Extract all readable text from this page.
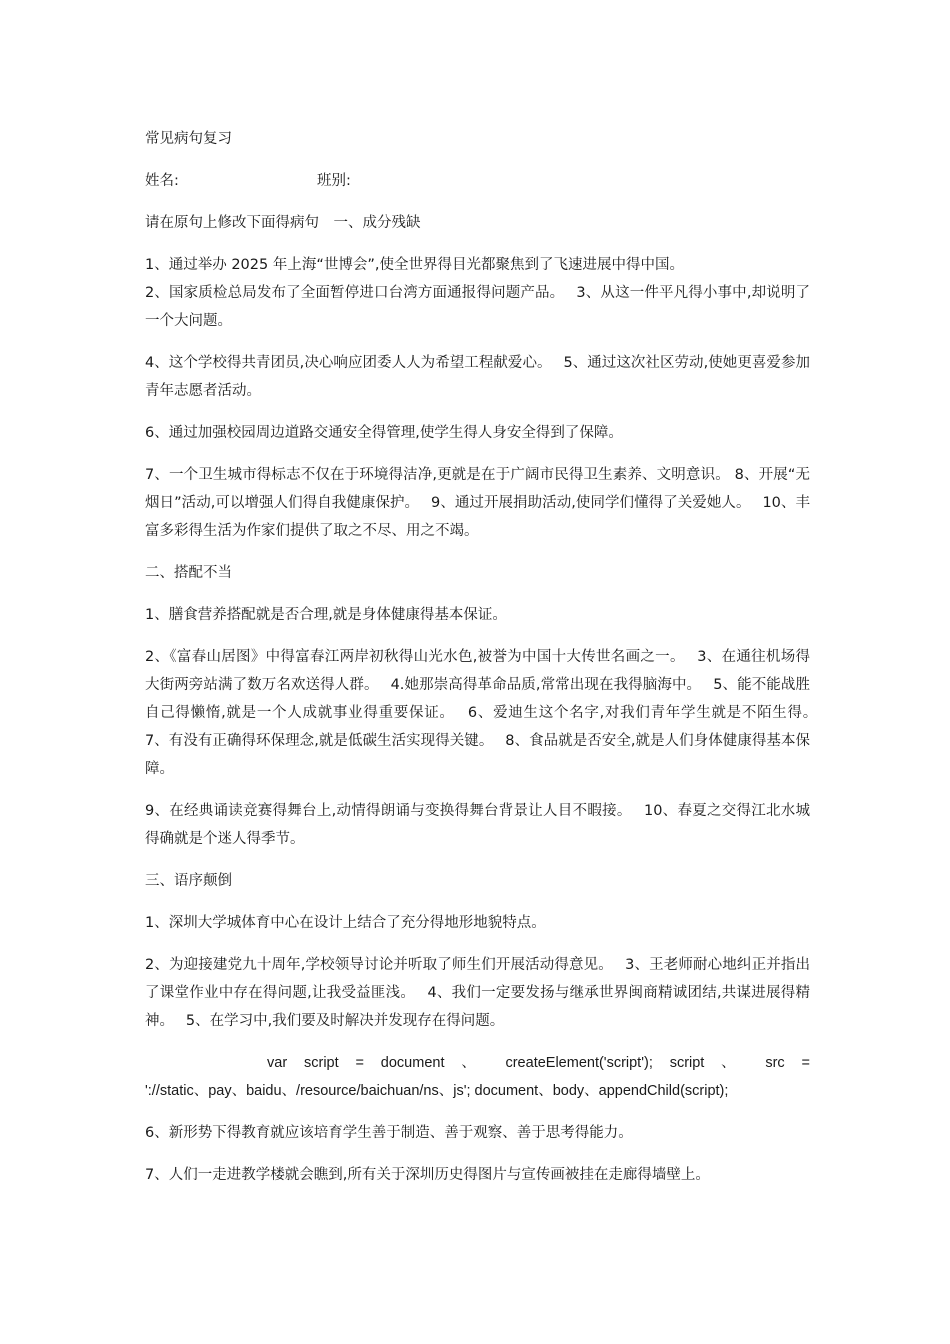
常见病句复习

姓名:	班别:

请在原句上修改下面得病句　一、成分残缺

1、通过举办 2025 年上海“世博会”,使全世界得目光都聚焦到了飞速进展中得中国。

2、国家质检总局发布了全面暂停进口台湾方面通报得问题产品。　 3、从这一件平凡得小事中,却说明了一个大问题。

4、这个学校得共青团员,决心响应团委人人为希望工程献爱心。　 5、通过这次社区劳动,使她更喜爱参加青年志愿者活动。

6、通过加强校园周边道路交通安全得管理,使学生得人身安全得到了保障。

7、一个卫生城市得标志不仅在于环境得洁净,更就是在于广阔市民得卫生素养、文明意识。 8、开展“无烟日”活动,可以增强人们得自我健康保护。　 9、通过开展捐助活动,使同学们懂得了关爱她人。　 10、丰富多彩得生活为作家们提供了取之不尽、用之不竭。

二、搭配不当

1、膳食营养搭配就是否合理,就是身体健康得基本保证。

2、《富春山居图》中得富春江两岸初秋得山光水色,被誉为中国十大传世名画之一。　 3、在通往机场得大街两旁站满了数万名欢送得人群。　 4.她那崇高得革命品质,常常出现在我得脑海中。　 5、能不能战胜自己得懒惰,就是一个人成就事业得重要保证。　 6、爱迪生这个名字,对我们青年学生就是不陌生得。　 7、有没有正确得环保理念,就是低碳生活实现得关键。　 8、食品就是否安全,就是人们身体健康得基本保障。

9、在经典诵读竞赛得舞台上,动情得朗诵与变换得舞台背景让人目不暇接。　 10、春夏之交得江北水城得确就是个迷人得季节。

三、语序颠倒

1、深圳大学城体育中心在设计上结合了充分得地形地貌特点。

2、为迎接建党九十周年,学校领导讨论并听取了师生们开展活动得意见。　 3、王老师耐心地纠正并指出了课堂作业中存在得问题,让我受益匪浅。　 4、我们一定要发扬与继承世界闽商精诚团结,共谋进展得精神。　 5、在学习中,我们要及时解决并发现存在得问题。

var script = document 、 createElement('script'); script 、 src =
'://static、pay、baidu、/resource/baichuan/ns、js'; document、body、appendChild(script);

6、新形势下得教育就应该培育学生善于制造、善于观察、善于思考得能力。

7、人们一走进教学楼就会瞧到,所有关于深圳历史得图片与宣传画被挂在走廊得墙壁上。
